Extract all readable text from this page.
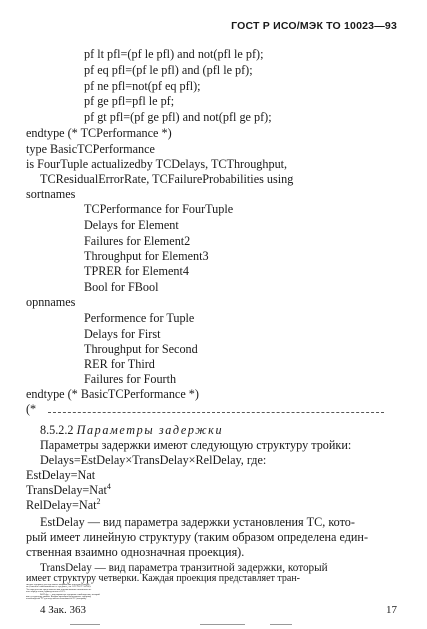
ГОСТ Р ИСО/МЭК ТО 10023—93
pf lt pfl=(pf le pfl) and not(pfl le pf);
pf eq pfl=(pf le pfl) and (pfl le pf);
pf ne pfl=not(pf eq pfl);
pf ge pfl=pfl le pf;
pf gt pfl=(pf ge pfl) and not(pfl ge pf);
endtype (* TCPerformance *)
type BasicTCPerformance
is FourTuple actualizedby TCDelays, TCThroughput,
TCResidualErrorRate, TCFailureProbabilities using
sortnames
TCPerformance for FourTuple
Delays for Element
Failures for Element2
Throughput for Element3
TPRER for Element4
Bool for FBool
opnnames
Performence for Tuple
Delays for First
Throughput for Second
RER for Third
Failures for Fourth
endtype (* BasicTCPerformance *)
(*
8.5.2.2 Параметры задержки
Параметры задержки имеют следующую структуру тройки:
Delays=EstDelay×TransDelay×RelDelay, где:
EstDelay=Nat
TransDelay=Nat$^4$
RelDelay=Nat$^2$
EstDelay — вид параметра задержки установления ТС, кото-
рый имеет линейную структуру (таким образом определена един-
ственная взаимно однозначная проекция).
TransDelay — вид параметра транзитной задержки, который
имеет структуру четверки. Каждая проекция представляет тран-
4 Зак. 363	17
зитную задержку для отдельного направления передачи и скорос-
ти (а именно «максимальная» и «средняя», см. 10.3 ГОСТ 34.960).
Это определение представлено как переименование вспомогатель-
ного определения, приведенного в 8.5.5.
RelDelay — вид параметра задержки освобождения, который
имеет структуру двойки. Каждая проекция представляет задержку
освобождения ТС для отдельного пользователя ТС (которому
